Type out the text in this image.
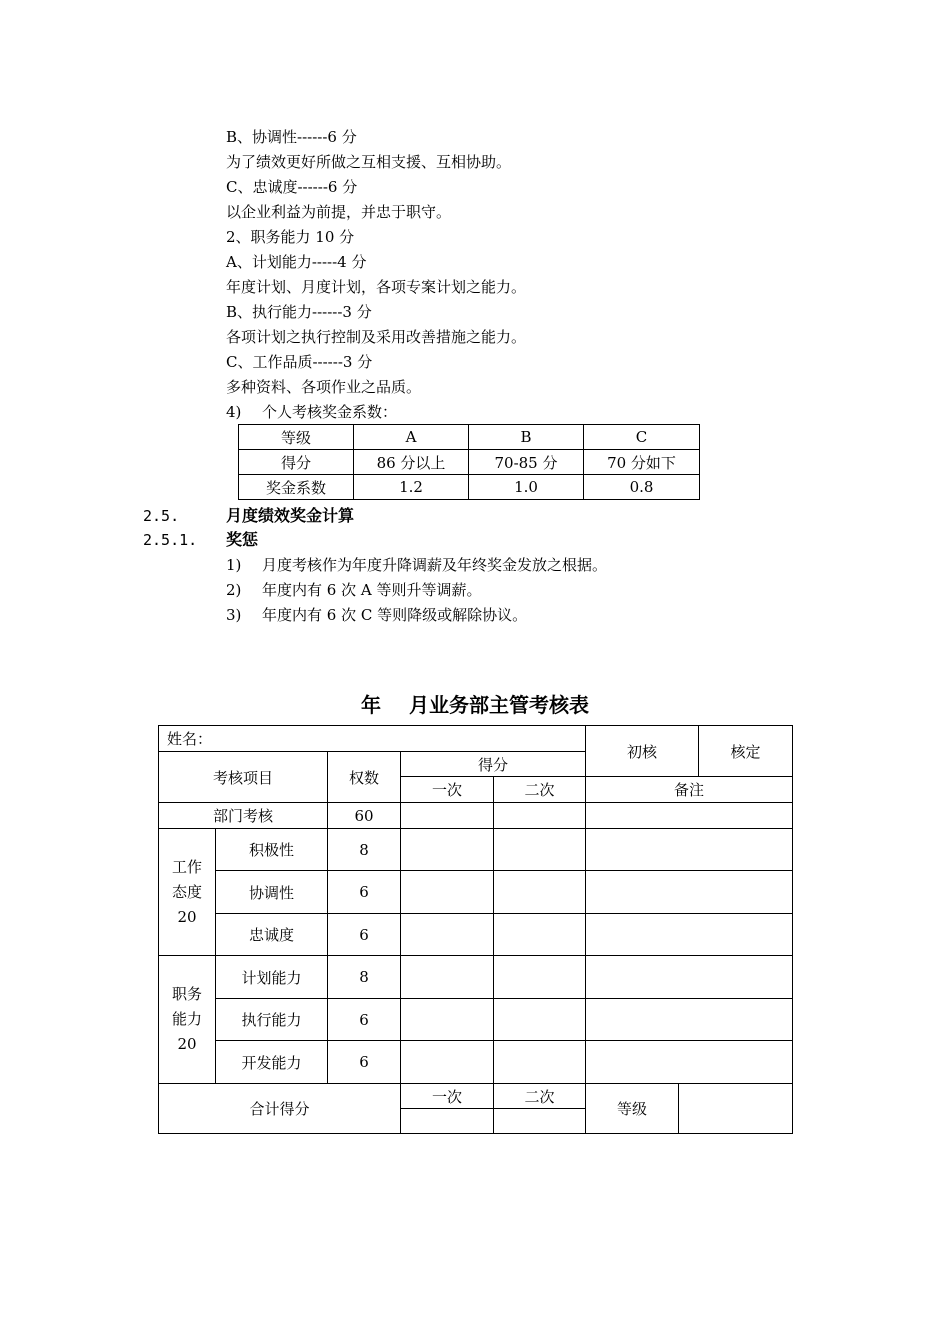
B、协调性------6 分
为了绩效更好所做之互相支援、互相协助。
C、忠诚度------6 分
以企业利益为前提，并忠于职守。
2、职务能力 10 分
A、计划能力-----4 分
年度计划、月度计划，各项专案计划之能力。
B、执行能力------3 分
各项计划之执行控制及采用改善措施之能力。
C、工作品质------3 分
多种资料、各项作业之品质。
4) 个人考核奖金系数：
等级	A	B	C
得分	86 分以上	70-85 分	70 分如下
奖金系数	1.2	1.0	0.8
2.5.	月度绩效奖金计算
2.5.1. 奖惩
1) 月度考核作为年度升降调薪及年终奖金发放之根据。
2) 年度内有 6 次 A 等则升等调薪。
3) 年度内有 6 次 C 等则降级或解除协议。
年 月业务部主管考核表
姓名：					初核		核定
考核项目		权数	得分				
			一次	二次	备注		
部门考核		60					
工作
态度
20	积极性	8					
	协调性	6					
	忠诚度	6					
职务
能力
20	计划能力	8					
	执行能力	6					
	开发能力	6					
合计得分			一次	二次	等级		
